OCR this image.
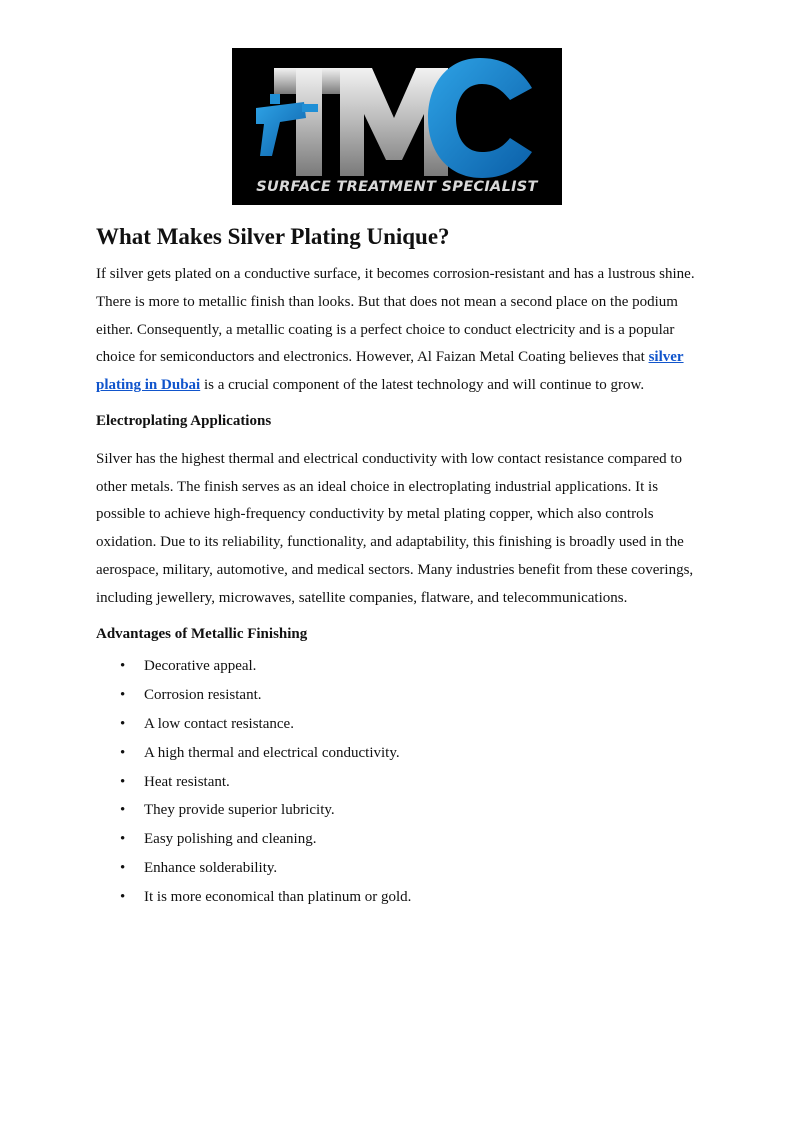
SURFACE TREATMENT SPECIALIST
What Makes Silver Plating Unique?

If silver gets plated on a conductive surface, it becomes corrosion-resistant and has a lustrous shine. There is more to metallic finish than looks. But that does not mean a second place on the podium either. Consequently, a metallic coating is a perfect choice to conduct electricity and is a popular choice for semiconductors and electronics. However, Al Faizan Metal Coating believes that silver plating in Dubai is a crucial component of the latest technology and will continue to grow.

Electroplating Applications

Silver has the highest thermal and electrical conductivity with low contact resistance compared to other metals. The finish serves as an ideal choice in electroplating industrial applications. It is possible to achieve high-frequency conductivity by metal plating copper, which also controls oxidation. Due to its reliability, functionality, and adaptability, this finishing is broadly used in the aerospace, military, automotive, and medical sectors. Many industries benefit from these coverings, including jewellery, microwaves, satellite companies, flatware, and telecommunications.

Advantages of Metallic Finishing
• Decorative appeal.
• Corrosion resistant.
• A low contact resistance.
• A high thermal and electrical conductivity.
• Heat resistant.
• They provide superior lubricity.
• Easy polishing and cleaning.
• Enhance solderability.
• It is more economical than platinum or gold.
